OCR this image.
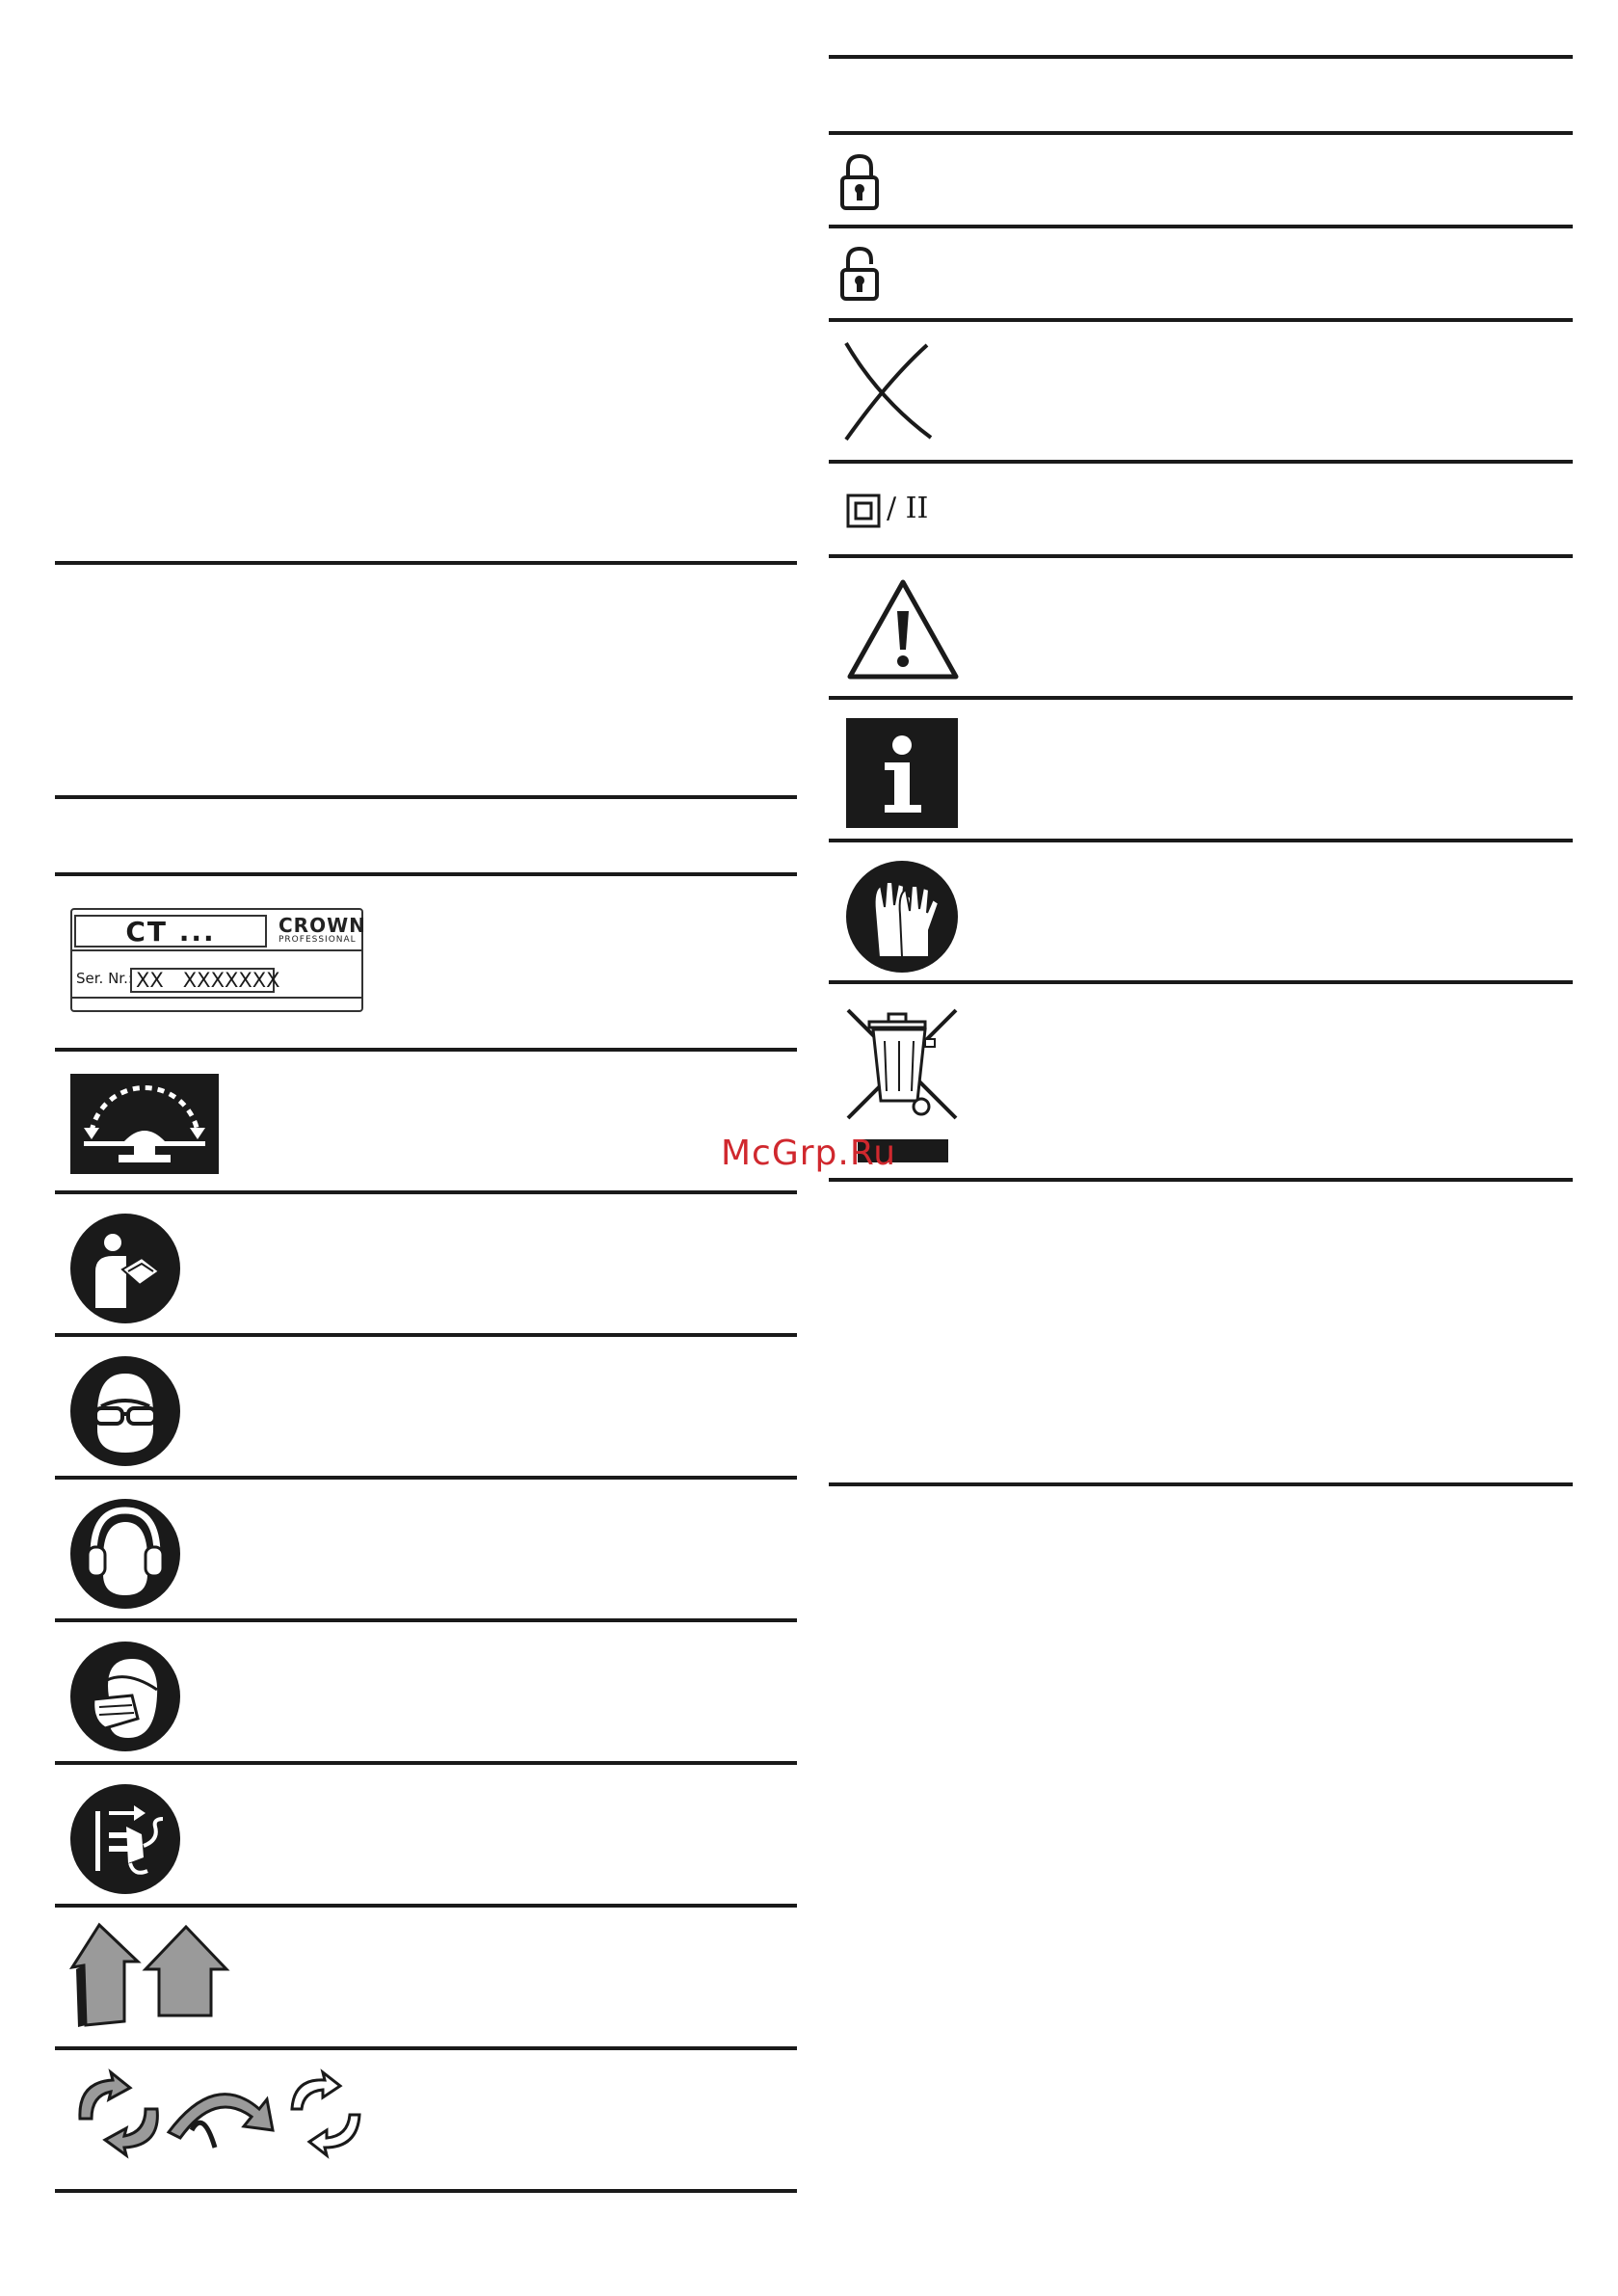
CT ...	CROWN
PROFESSIONAL
Ser. Nr.: XX   XXXXXXX
/ II
McGrp.Ru
